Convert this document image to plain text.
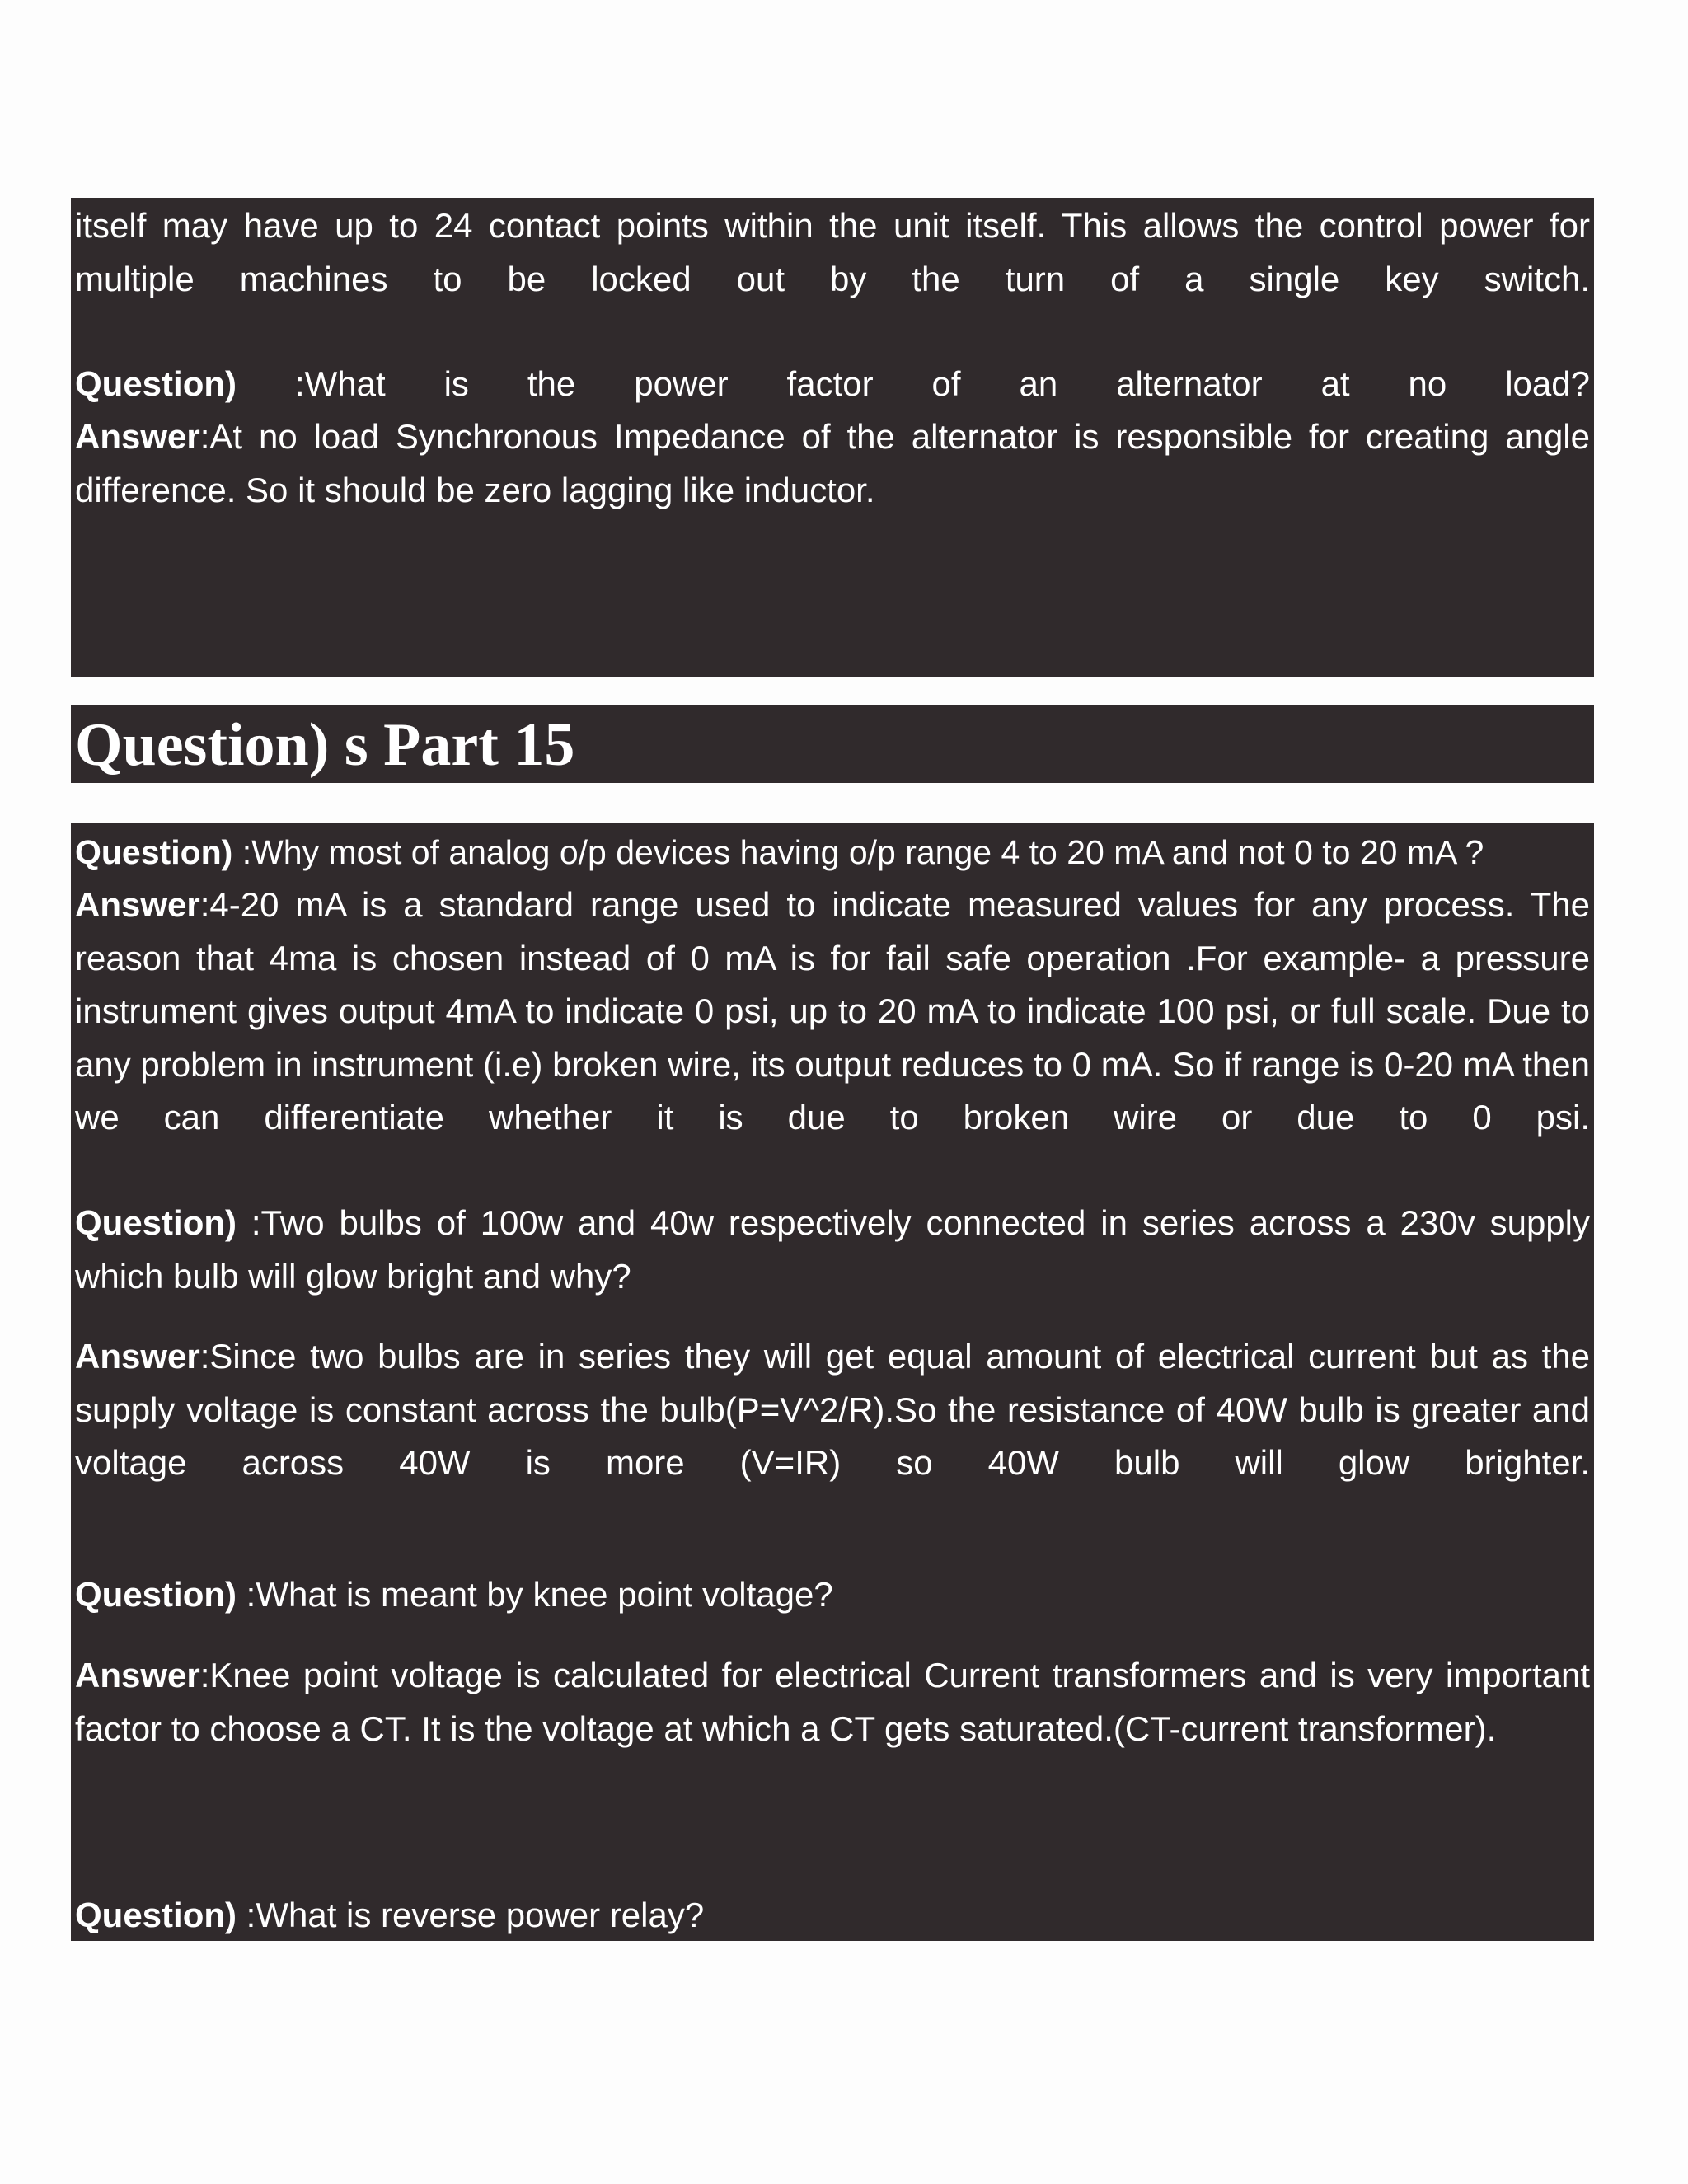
itself may have up to 24 contact points within the unit itself. This allows the control power for multiple machines to be locked out by the turn of a single key switch.

Question) :What is the power factor of an alternator at no load?

Answer:At no load Synchronous Impedance of the alternator is responsible for creating angle difference. So it should be zero lagging like inductor.

Question) s Part 15

Question) :Why most of analog o/p devices having o/p range 4 to 20 mA and not 0 to 20 mA ?

Answer:4-20 mA is a standard range used to indicate measured values for any process. The reason that 4ma is chosen instead of 0 mA is for fail safe operation .For example- a pressure instrument gives output 4mA to indicate 0 psi, up to 20 mA to indicate 100 psi, or full scale. Due to any problem in instrument (i.e) broken wire, its output reduces to 0 mA. So if range is 0-20 mA then we can differentiate whether it is due to broken wire or due to 0 psi.

Question) :Two bulbs of 100w and 40w respectively connected in series across a 230v supply which bulb will glow bright and why?

Answer:Since two bulbs are in series they will get equal amount of electrical current but as the supply voltage is constant across the bulb(P=V^2/R).So the resistance of 40W bulb is greater and voltage across 40W is more (V=IR) so 40W bulb will glow brighter.

Question) :What is meant by knee point voltage?

Answer:Knee point voltage is calculated for electrical Current transformers and is very important factor to choose a CT. It is the voltage at which a CT gets saturated.(CT-current transformer).

Question) :What is reverse power relay?
